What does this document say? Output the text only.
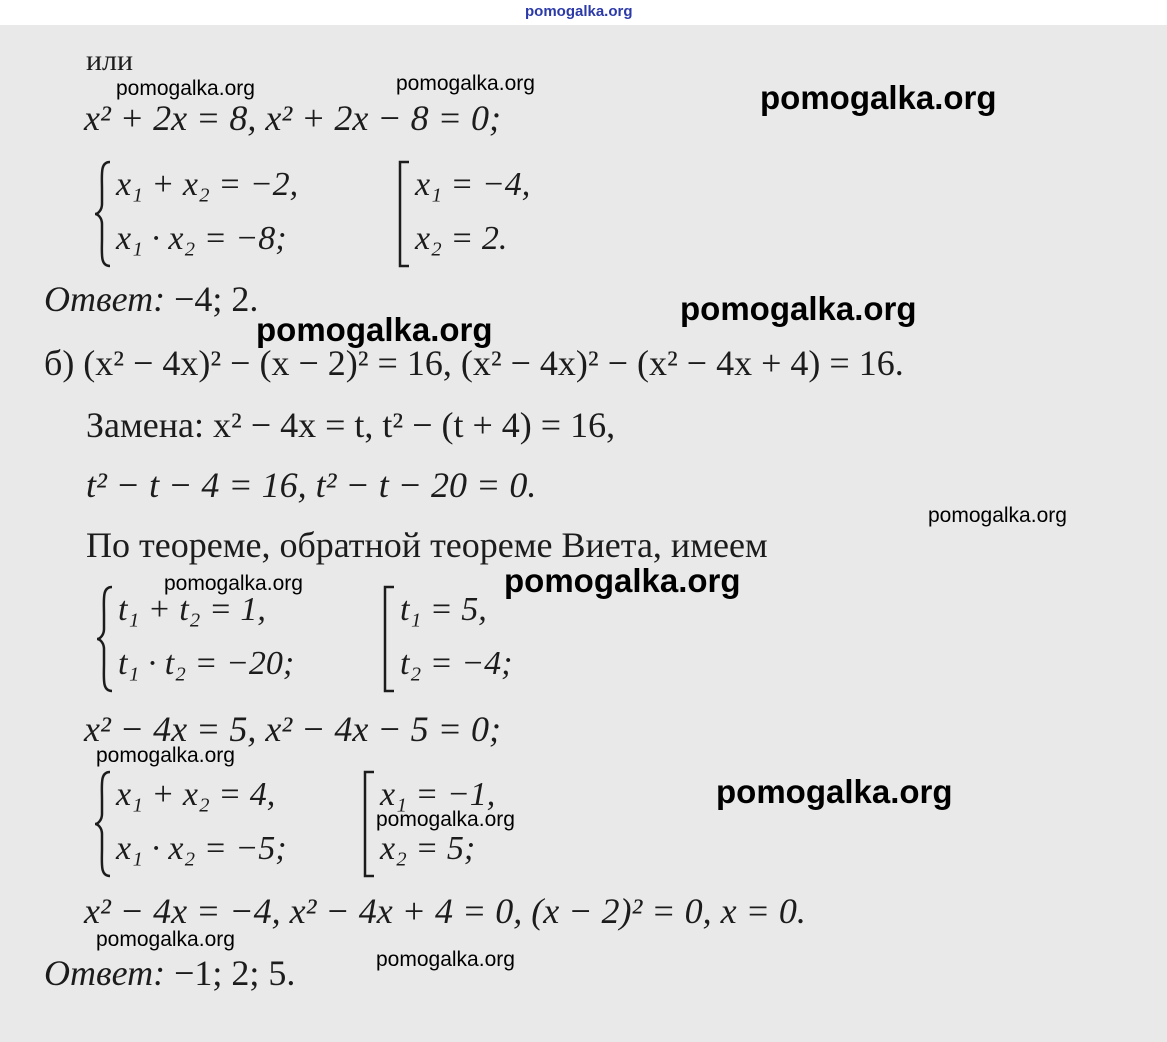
или
x² + 2x = 8, x² + 2x − 8 = 0;
x₁ + x₂ = −2,
x₁ · x₂ = −8;
x₁ = −4,
x₂ = 2.
Ответ: −4; 2.
б) (x² − 4x)² − (x − 2)² = 16, (x² − 4x)² − (x² − 4x + 4) = 16.
Замена: x² − 4x = t, t² − (t + 4) = 16,
t² − t − 4 = 16, t² − t − 20 = 0.
По теореме, обратной теореме Виета, имеем
t₁ + t₂ = 1,
t₁ · t₂ = −20;
t₁ = 5,
t₂ = −4;
x² − 4x = 5, x² − 4x − 5 = 0;
x₁ + x₂ = 4,
x₁ · x₂ = −5;
x₁ = −1,
x₂ = 5;
x² − 4x = −4, x² − 4x + 4 = 0, (x − 2)² = 0, x = 0.
Ответ: −1; 2; 5.
pomogalka.org
pomogalka.org	pomogalka.org	pomogalka.org
pomogalka.org
pomogalka.org
pomogalka.org
pomogalka.org	pomogalka.org
pomogalka.org
pomogalka.org
pomogalka.org
pomogalka.org
pomogalka.org
